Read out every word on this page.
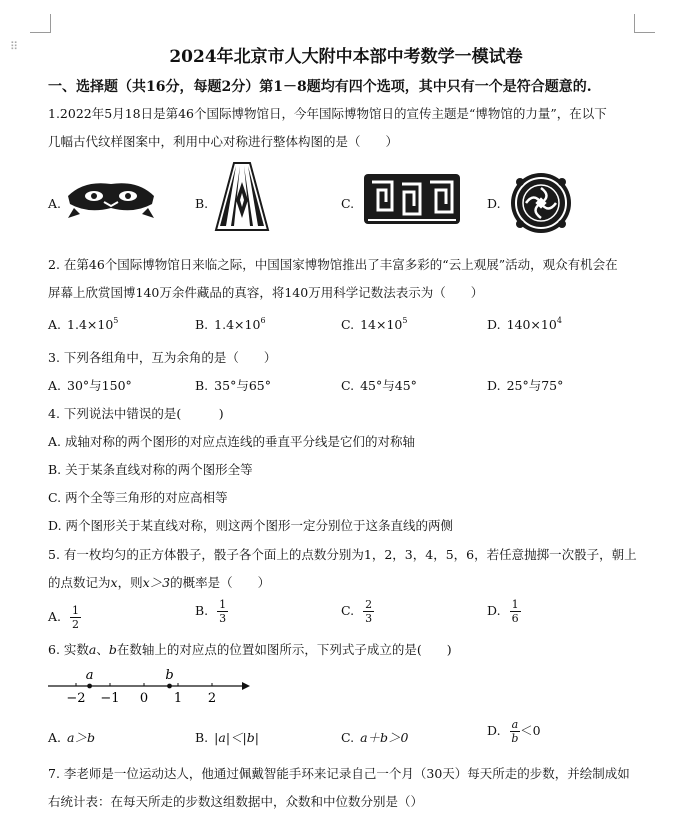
⠿
2024年北京市人大附中本部中考数学一模试卷
一、选择题（共16分，每题2分）第1－8题均有四个选项，其中只有一个是符合题意的.
1.2022年5月18日是第46个国际博物馆日，今年国际博物馆日的宣传主题是“博物馆的力量”，在以下
几幅古代纹样图案中，利用中心对称进行整体构图的是（　　）
A.	B.	C.	D.
2. 在第46个国际博物馆日来临之际，中国国家博物馆推出了丰富多彩的“云上观展”活动，观众有机会在
屏幕上欣赏国博140万余件藏品的真容，将140万用科学记数法表示为（　　）
A. $1.4\times 10^5$	B. $1.4\times 10^6$	C. $14\times 10^5$	D. $140\times 10^4$
3. 下列各组角中，互为余角的是（　　）
A. 30°与150°	B. 35°与65°	C. 45°与45°	D. 25°与75°
4. 下列说法中错误的是(　　　)
A. 成轴对称的两个图形的对应点连线的垂直平分线是它们的对称轴
B. 关于某条直线对称的两个图形全等
C. 两个全等三角形的对应高相等
D. 两个图形关于某直线对称，则这两个图形一定分别位于这条直线的两侧
5. 有一枚均匀的正方体骰子，骰子各个面上的点数分别为1，2，3，4，5，6，若任意抛掷一次骰子，朝上
的点数记为x，则x＞3的概率是（　　）
A. $\frac{1}{2}$	B. $\frac{1}{3}$	C. $\frac{2}{3}$	D. $\frac{1}{6}$
6. 实数a、b在数轴上的对应点的位置如图所示，下列式子成立的是(　　)
−2 −1 0 1 2
a	b
A. a＞b	B. |a|＜|b|	C. a＋b＞0	D. $\frac{a}{b} <0$
7. 李老师是一位运动达人，他通过佩戴智能手环来记录自己一个月（30天）每天所走的步数，并绘制成如
右统计表：在每天所走的步数这组数据中，众数和中位数分别是（）
